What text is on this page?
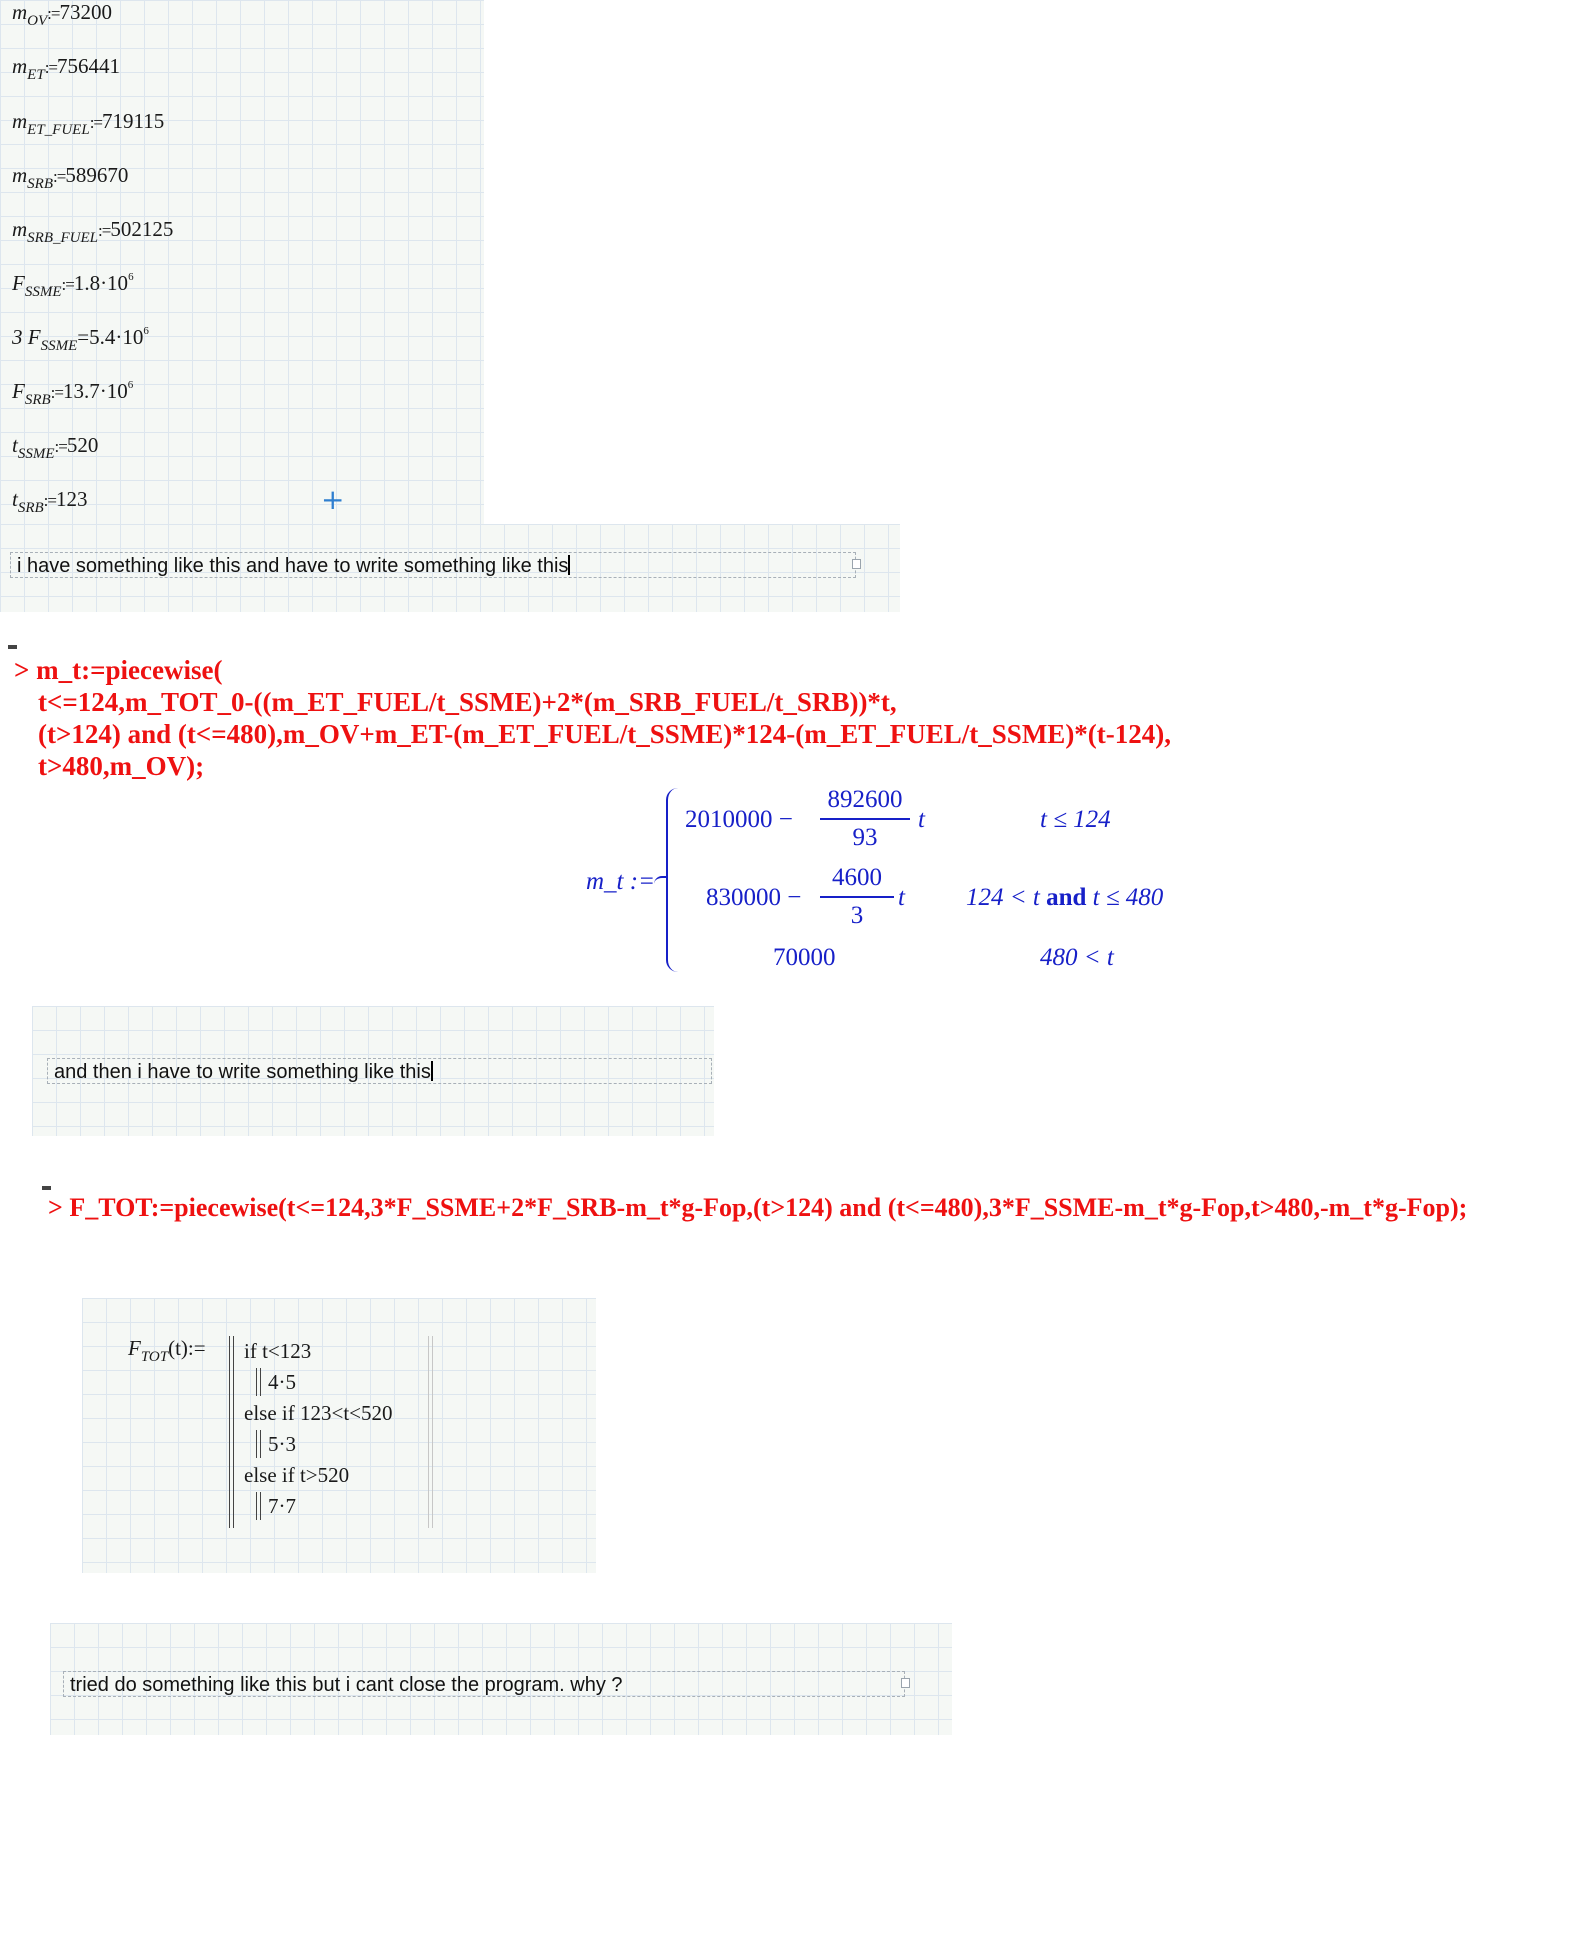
$m_{OV}:=73200$
$m_{ET}:=756441$
$m_{ET\_FUEL}:=719115$
$m_{SRB}:=589670$
$m_{SRB\_FUEL}:=502125$
$F_{SSME}:=1.8\cdot 10^6$
3 $F_{SSME}=5.4\cdot 10^6$
$F_{SRB}:=13.7\cdot 10^6$
$t_{SSME}:=520$
$t_{SRB}:=123$	+
i have something like this and have to write something like this
> m_t:=piecewise(
t<=124,m_TOT_0-((m_ET_FUEL/t_SSME)+2*(m_SRB_FUEL/t_SRB))*t,
(t>124) and (t<=480),m_OV+m_ET-(m_ET_FUEL/t_SSME)*124-(m_ET_FUEL/t_SSME)*(t-124),
t>480,m_OV);
m_t :=
2010000 −
892600
93
t	t ≤ 124
830000 −
4600
3
t 124 < t and t ≤ 480
70000	480 < t
and then i have to write something like this
> F_TOT:=piecewise(t<=124,3*F_SSME+2*F_SRB-m_t*g-Fop,(t>124) and (t<=480),3*F_SSME-m_t*g-Fop,t>480,-m_t*g-Fop);
$F_{TOT}(t):=$ if t<123
4·5
else if 123<t<520
5·3
else if t>520
7·7
tried do something like this but i cant close the program. why ?
